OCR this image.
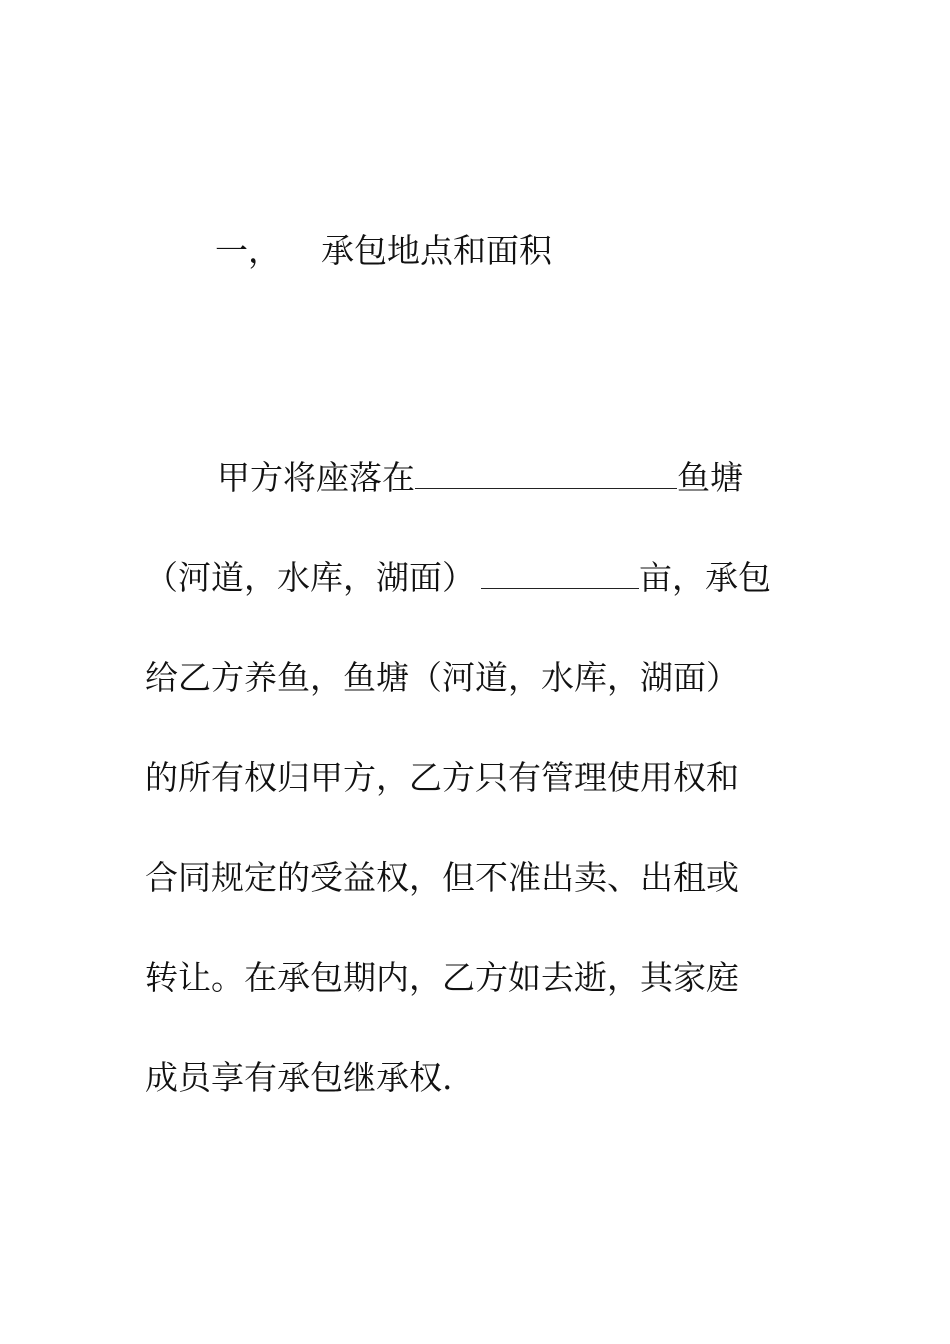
一， 承包地点和面积
甲方将座落在	鱼塘
（河道，水库，湖面）	亩，承包
给乙方养鱼，鱼塘（河道，水库，湖面）
的所有权归甲方，乙方只有管理使用权和
合同规定的受益权，但不准出卖、出租或
转让。在承包期内，乙方如去逝，其家庭
成员享有承包继承权.
